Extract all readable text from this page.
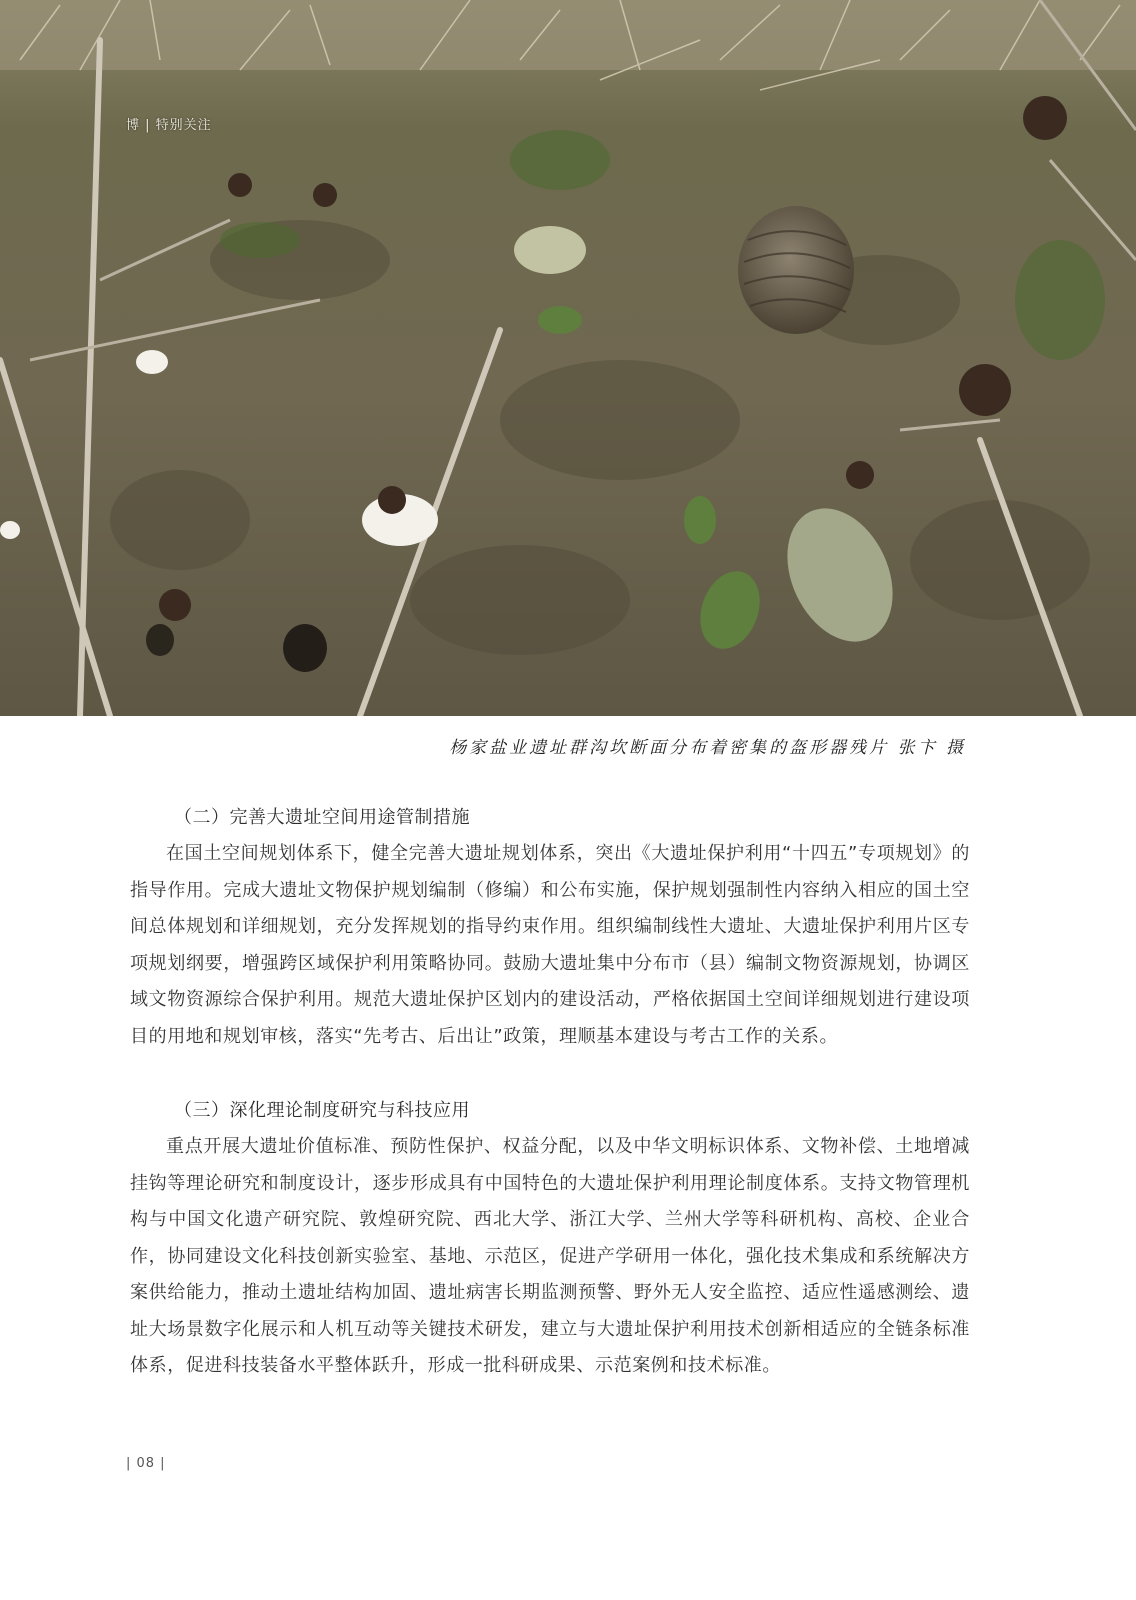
博 | 特别关注
杨家盐业遗址群沟坎断面分布着密集的盔形器残片 张卞 摄
（二）完善大遗址空间用途管制措施

在国土空间规划体系下，健全完善大遗址规划体系，突出《大遗址保护利用“十四五”专项规划》的指导作用。完成大遗址文物保护规划编制（修编）和公布实施，保护规划强制性内容纳入相应的国土空间总体规划和详细规划，充分发挥规划的指导约束作用。组织编制线性大遗址、大遗址保护利用片区专项规划纲要，增强跨区域保护利用策略协同。鼓励大遗址集中分布市（县）编制文物资源规划，协调区域文物资源综合保护利用。规范大遗址保护区划内的建设活动，严格依据国土空间详细规划进行建设项目的用地和规划审核，落实“先考古、后出让”政策，理顺基本建设与考古工作的关系。

（三）深化理论制度研究与科技应用

重点开展大遗址价值标准、预防性保护、权益分配，以及中华文明标识体系、文物补偿、土地增减挂钩等理论研究和制度设计，逐步形成具有中国特色的大遗址保护利用理论制度体系。支持文物管理机构与中国文化遗产研究院、敦煌研究院、西北大学、浙江大学、兰州大学等科研机构、高校、企业合作，协同建设文化科技创新实验室、基地、示范区，促进产学研用一体化，强化技术集成和系统解决方案供给能力，推动土遗址结构加固、遗址病害长期监测预警、野外无人安全监控、适应性遥感测绘、遗址大场景数字化展示和人机互动等关键技术研发，建立与大遗址保护利用技术创新相适应的全链条标准体系，促进科技装备水平整体跃升，形成一批科研成果、示范案例和技术标准。

| 08 |
